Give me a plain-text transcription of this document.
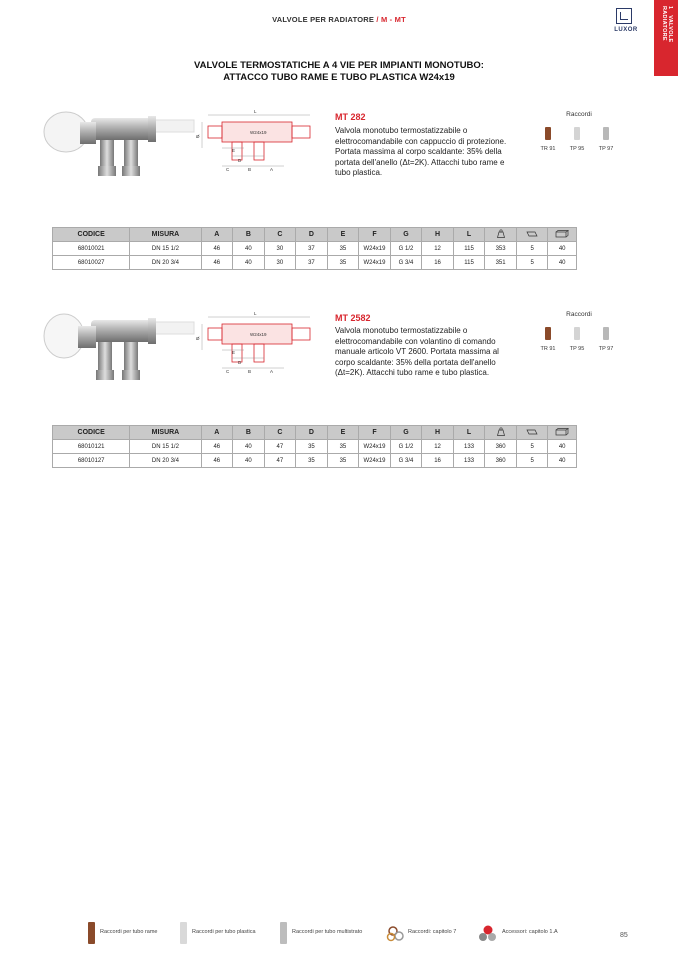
VALVOLE PER RADIATORE / M - MT
LUXOR
1 VALVOLE RADIATORE
VALVOLE TERMOSTATICHE A 4 VIE PER IMPIANTI MONOTUBO:
ATTACCO TUBO RAME E TUBO PLASTICA W24x19
L
A
B
C
D
E
Ø
W24x19
MT 282
Valvola monotubo termostatizzabile o elettrocomandabile con cappuccio di protezione. Portata massima al corpo scaldante: 35% della portata dell'anello (Δt=2K). Attacchi tubo rame e tubo plastica.
Raccordi
TR 91	TP 95	TP 97
CODICE	MISURA	A	B	C	D	E	F	G	H	L			
68010021	DN 15 1/2	46	40	30	37	35	W24x19	G 1/2	12	115	353	5	40
68010027	DN 20 3/4	46	40	30	37	35	W24x19	G 3/4	16	115	351	5	40
L
A
B
C
D
E
Ø
W24x19
MT 2582
Valvola monotubo termostatizzabile o elettrocomandabile con volantino di comando manuale articolo VT 2600. Portata massima al corpo scaldante: 35% della portata dell'anello (Δt=2K). Attacchi tubo rame e tubo plastica.
Raccordi
TR 91	TP 95	TP 97
CODICE	MISURA	A	B	C	D	E	F	G	H	L			
68010121	DN 15 1/2	46	40	47	35	35	W24x19	G 1/2	12	133	360	5	40
68010127	DN 20 3/4	46	40	47	35	35	W24x19	G 3/4	16	133	360	5	40
Raccordi per tubo rame	Raccordi per tubo plastica	Raccordi per tubo multistrato	Raccordi: capitolo 7	Accessori: capitolo 1.A	85
